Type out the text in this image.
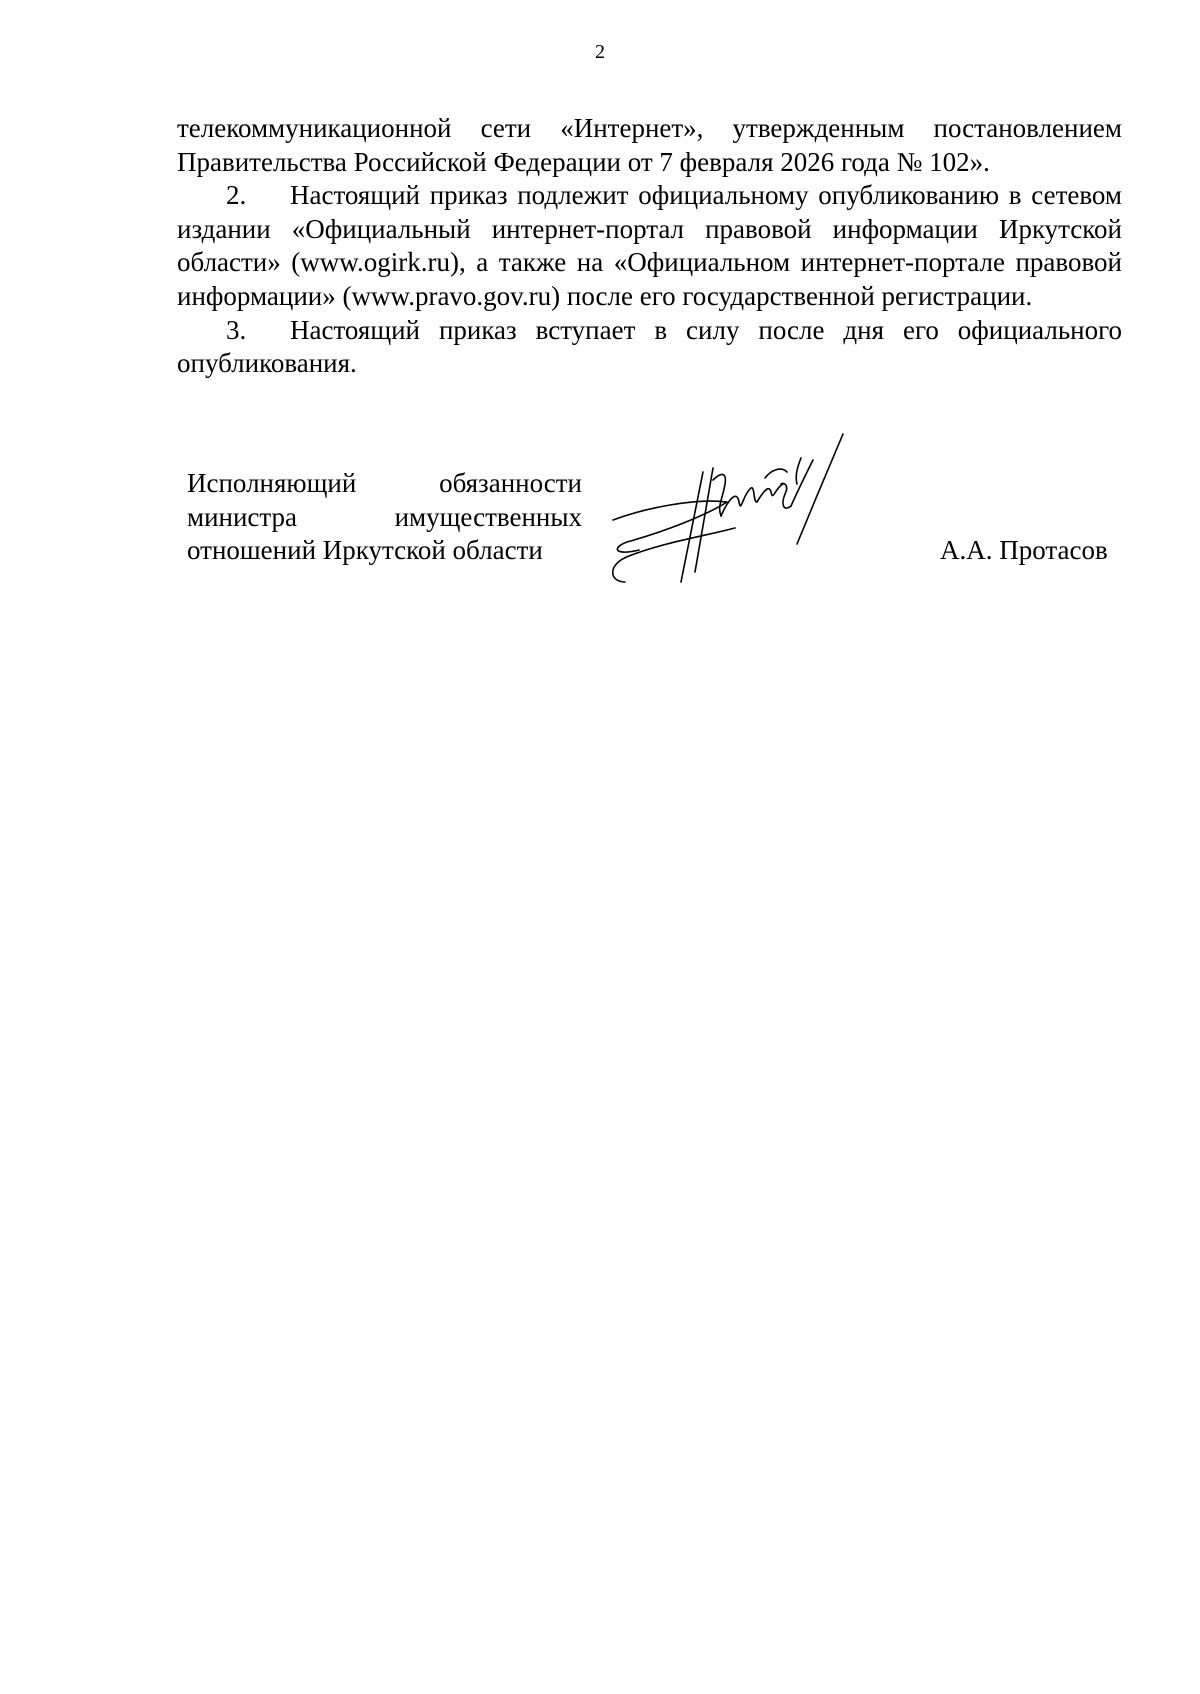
2

телекоммуникационной сети «Интернет», утвержденным постановлением Правительства Российской Федерации от 7 февраля 2026 года № 102».

2. Настоящий приказ подлежит официальному опубликованию в сетевом издании «Официальный интернет-портал правовой информации Иркутской области» (www.ogirk.ru), а также на «Официальном интернет-портале правовой информации» (www.pravo.gov.ru) после его государственной регистрации.

3. Настоящий приказ вступает в силу после дня его официального опубликования.

Исполняющий	обязанности
министра	имущественных
отношений Иркутской области	А.А. Протасов
